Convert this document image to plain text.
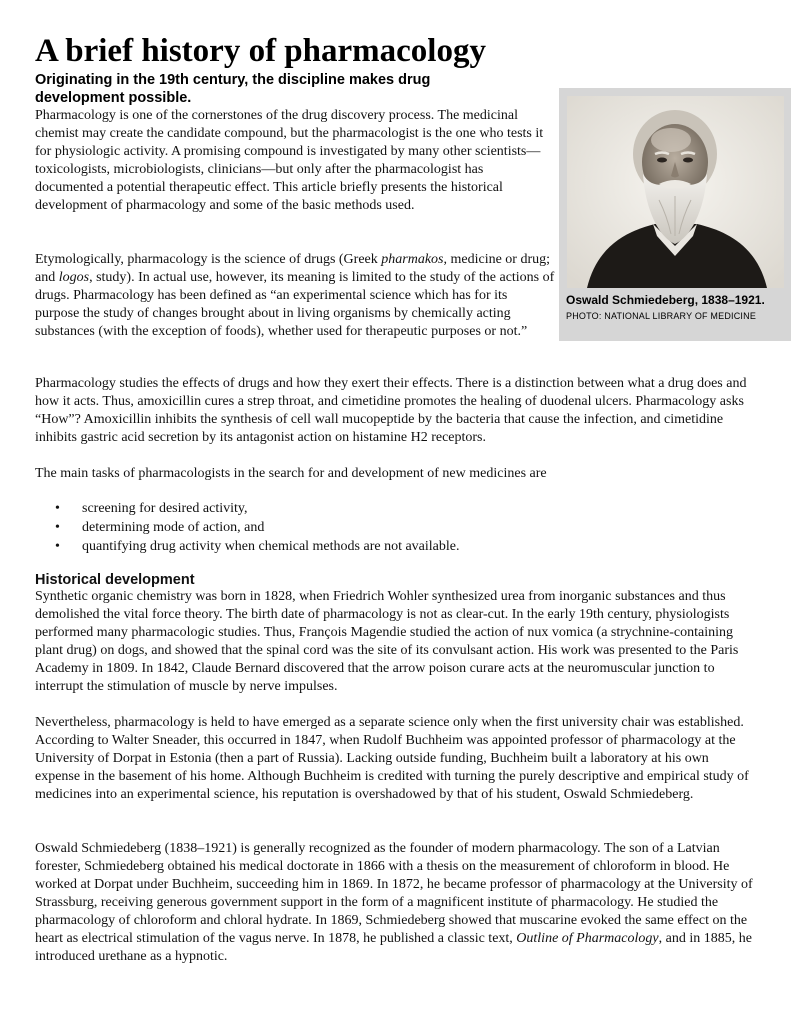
A brief history of pharmacology
Originating in the 19th century, the discipline makes drug development possible.

Pharmacology is one of the cornerstones of the drug discovery process. The medicinal chemist may create the candidate compound, but the pharmacologist is the one who tests it for physiologic activity. A promising compound is investigated by many other scientists—toxicologists, microbiologists, clinicians—but only after the pharmacologist has documented a potential therapeutic effect. This article briefly presents the historical development of pharmacology and some of the basic methods used.

Etymologically, pharmacology is the science of drugs (Greek pharmakos, medicine or drug; and logos, study). In actual use, however, its meaning is limited to the study of the actions of drugs. Pharmacology has been defined as “an experimental science which has for its purpose the study of changes brought about in living organisms by chemically acting substances (with the exception of foods), whether used for therapeutic purposes or not.”

Pharmacology studies the effects of drugs and how they exert their effects. There is a distinction between what a drug does and how it acts. Thus, amoxicillin cures a strep throat, and cimetidine promotes the healing of duodenal ulcers. Pharmacology asks “How”? Amoxicillin inhibits the synthesis of cell wall mucopeptide by the bacteria that cause the infection, and cimetidine inhibits gastric acid secretion by its antagonist action on histamine H2 receptors.

The main tasks of pharmacologists in the search for and development of new medicines are

• screening for desired activity,
• determining mode of action, and
• quantifying drug activity when chemical methods are not available.
Historical development

Synthetic organic chemistry was born in 1828, when Friedrich Wohler synthesized urea from inorganic substances and thus demolished the vital force theory. The birth date of pharmacology is not as clear-cut. In the early 19th century, physiologists performed many pharmacologic studies. Thus, François Magendie studied the action of nux vomica (a strychnine-containing plant drug) on dogs, and showed that the spinal cord was the site of its convulsant action. His work was presented to the Paris Academy in 1809. In 1842, Claude Bernard discovered that the arrow poison curare acts at the neuromuscular junction to interrupt the stimulation of muscle by nerve impulses.

Nevertheless, pharmacology is held to have emerged as a separate science only when the first university chair was established. According to Walter Sneader, this occurred in 1847, when Rudolf Buchheim was appointed professor of pharmacology at the University of Dorpat in Estonia (then a part of Russia). Lacking outside funding, Buchheim built a laboratory at his own expense in the basement of his home. Although Buchheim is credited with turning the purely descriptive and empirical study of medicines into an experimental science, his reputation is overshadowed by that of his student, Oswald Schmiedeberg.

Oswald Schmiedeberg (1838–1921) is generally recognized as the founder of modern pharmacology. The son of a Latvian forester, Schmiedeberg obtained his medical doctorate in 1866 with a thesis on the measurement of chloroform in blood. He worked at Dorpat under Buchheim, succeeding him in 1869. In 1872, he became professor of pharmacology at the University of Strassburg, receiving generous government support in the form of a magnificent institute of pharmacology. He studied the pharmacology of chloroform and chloral hydrate. In 1869, Schmiedeberg showed that muscarine evoked the same effect on the heart as electrical stimulation of the vagus nerve. In 1878, he published a classic text, Outline of Pharmacology, and in 1885, he introduced urethane as a hypnotic.

Oswald Schmiedeberg, 1838–1921. PHOTO: NATIONAL LIBRARY OF MEDICINE
